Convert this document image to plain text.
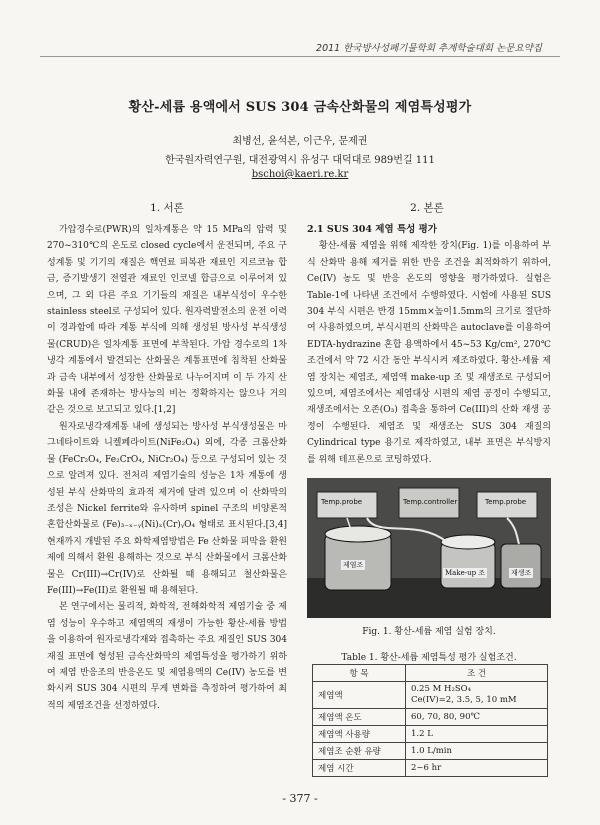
2011 한국방사성폐기물학회 추계학술대회 논문요약집
황산-세륨 용액에서 SUS 304 금속산화물의 제염특성평가
최병선, 윤석본, 이근우, 문제권
한국원자력연구원, 대전광역시 유성구 대덕대로 989번길 111
bschoi@kaeri.re.kr
1. 서론	2. 본론

가압경수로(PWR)의 일차계통은 약 15 MPa의 압력 및 270~310℃의 온도로 closed cycle에서 운전되며, 주요 구성계통 및 기기의 재질은 핵연료 피복관 재료인 지르코늄 합금, 증기발생기 전열관 재료인 인코넬 합금으로 이루어져 있으며, 그 외 다른 주요 기기들의 재질은 내부식성이 우수한 stainless steel로 구성되어 있다. 원자력발전소의 운전 이력이 경과함에 따라 계통 부식에 의해 생성된 방사성 부식생성물(CRUD)은 일차계통 표면에 부착된다. 가압 경수로의 1차 냉각 계통에서 발견되는 산화물은 계통표면에 침착된 산화물과 금속 내부에서 성장한 산화물로 나누어지며 이 두 가지 산화물 내에 존재하는 방사능의 비는 정확하지는 않으나 거의 같은 것으로 보고되고 있다.[1,2]

원자로냉각재계통 내에 생성되는 방사성 부식생성물은 마그네타이트와 니켈페라이트(NiFe₂O₄) 외에, 각종 크롬산화물 (FeCr₂O₄, Fe₂CrO₄, NiCr₂O₄) 등으로 구성되어 있는 것으로 알려져 있다. 전처리 제염기술의 성능은 1차 계통에 생성된 부식 산화막의 효과적 제거에 달려 있으며 이 산화막의 조성은 Nickel ferrite와 유사하며 spinel 구조의 비양론적 혼합산화물로 (Fe)₃₋ₓ₋ᵧ(Ni)ₓ(Cr)ᵧO₄ 형태로 표시된다.[3,4] 현재까지 개발된 주요 화학제염방법은 Fe 산화물 피막을 환원제에 의해서 환원 용해하는 것으로 부식 산화물에서 크롬산화물은 Cr(III)→Cr(IV)로 산화될 때 용해되고 철산화물은 Fe(III)→Fe(II)로 환원될 때 용해된다.

본 연구에서는 물리적, 화학적, 전해화학적 제염기술 중 제염 성능이 우수하고 제염액의 재생이 가능한 황산-세륨 방법을 이용하여 원자로냉각재와 접촉하는 주요 재질인 SUS 304 재질 표면에 형성된 금속산화막의 제염특성을 평가하기 위하여 제염 반응조의 반응온도 및 제염용액의 Ce(IV) 농도를 변화시켜 SUS 304 시편의 무게 변화를 측정하여 평가하여 최적의 제염조건을 선정하였다.

2.1 SUS 304 제염 특성 평가

황산-세륨 제염을 위해 제작한 장치(Fig. 1)를 이용하여 부식 산화막 용해 제거를 위한 반응 조건을 최적화하기 위하여, Ce(IV) 농도 및 반응 온도의 영향을 평가하였다. 실험은 Table-1에 나타낸 조건에서 수행하였다. 시험에 사용된 SUS 304 부식 시편은 반경 15mm×높이1.5mm의 크기로 절단하여 사용하였으며, 부식시편의 산화막은 autoclave를 이용하여 EDTA-hydrazine 혼합 용액하에서 45~53 Kg/cm², 270℃ 조건에서 약 72 시간 동안 부식시켜 제조하였다. 황산-세륨 제염 장치는 제염조, 제염액 make-up 조 및 재생조로 구성되어 있으며, 제염조에서는 제염대상 시편의 제염 공정이 수행되고, 재생조에서는 오존(O₃) 접촉을 통하여 Ce(III)의 산화 재생 공정이 수행된다. 제염조 및 재생조는 SUS 304 재질의 Cylindrical type 용기로 제작하였고, 내부 표면은 부식방지를 위해 테프론으로 코팅하였다.

Temp.probe	Temp.controller	Temp.probe
제염조
Make-up 조	재생조
Fig. 1. 황산-세륨 제염 실험 장치.
Table 1. 황산-세륨 제염특성 평가 실험조건.
항 목	조 건
제염액	0.25 M H₂SO₄
Ce(IV)=2, 3.5, 5, 10 mM
제염액 온도	60, 70, 80, 90℃
제염액 사용량	1.2 L
제염조 순환 유량	1.0 L/min
제염 시간	2~6 hr
- 377 -
